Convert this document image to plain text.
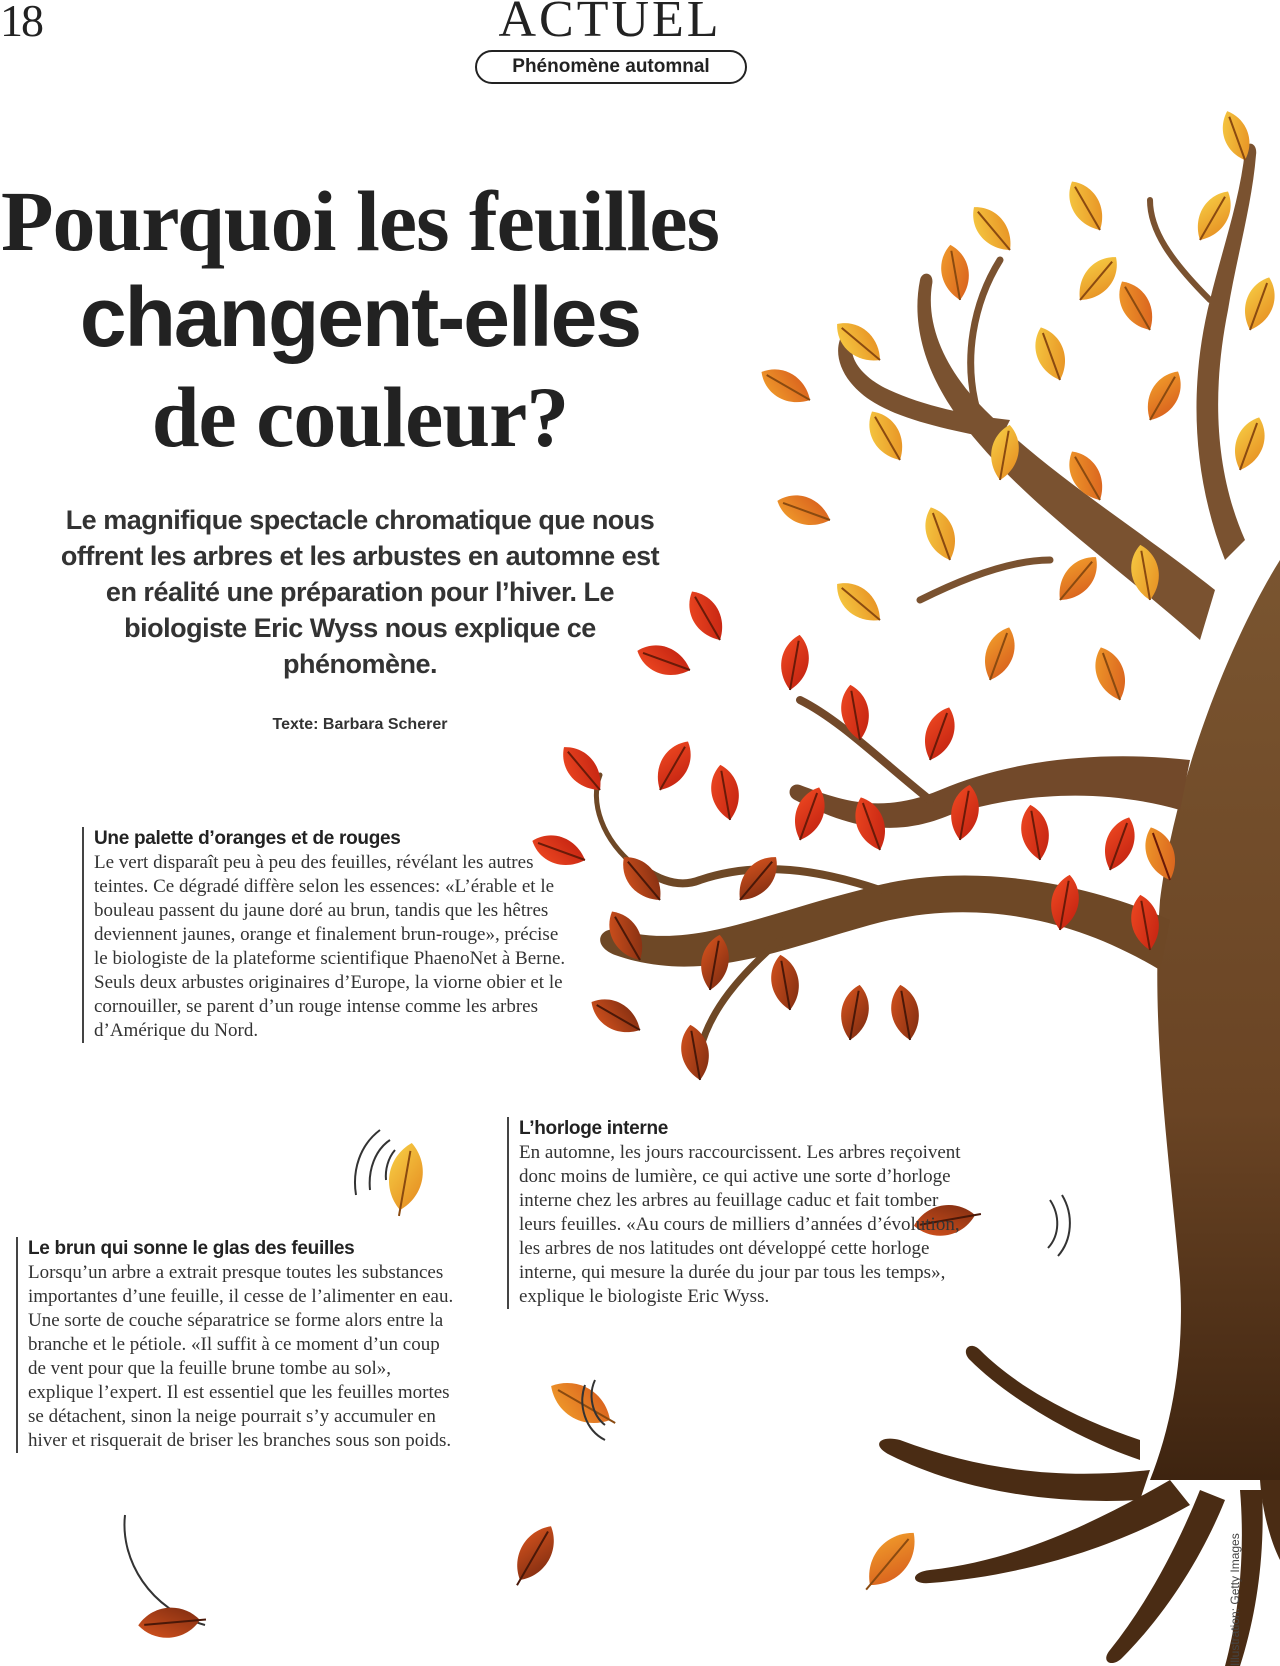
18	ACTUEL
Phénomène automnal
Pourquoi les feuilles
changent-elles
de couleur?
Le magnifique spectacle chromatique que nous offrent les arbres et les arbustes en automne est en réalité une préparation pour l’hiver. Le biologiste Eric Wyss nous explique ce phénomène.
Texte: Barbara Scherer
Une palette d’oranges et de rouges

Le vert disparaît peu à peu des feuilles, révélant les autres teintes. Ce dégradé diffère selon les essences: «L’érable et le bouleau passent du jaune doré au brun, tandis que les hêtres deviennent jaunes, orange et finalement brun-rouge», précise le biologiste de la plateforme scientifique PhaenoNet à Berne. Seuls deux arbustes originaires d’Europe, la viorne obier et le cornouiller, se parent d’un rouge intense comme les arbres d’Amérique du Nord.

L’horloge interne

En automne, les jours raccourcissent. Les arbres reçoivent donc moins de lumière, ce qui active une sorte d’horloge interne chez les arbres au feuillage caduc et fait tomber leurs feuilles. «Au cours de milliers d’années d’évolution, les arbres de nos latitudes ont développé cette horloge interne, qui mesure la durée du jour par tous les temps», explique le biologiste Eric Wyss.

Le brun qui sonne le glas des feuilles

Lorsqu’un arbre a extrait presque toutes les substances importantes d’une feuille, il cesse de l’alimenter en eau. Une sorte de couche séparatrice se forme alors entre la branche et le pétiole. «Il suffit à ce moment d’un coup de vent pour que la feuille brune tombe au sol», explique l’expert. Il est essentiel que les feuilles mortes se détachent, sinon la neige pourrait s’y accumuler en hiver et risquerait de briser les branches sous son poids.

Illustration: Getty Images
